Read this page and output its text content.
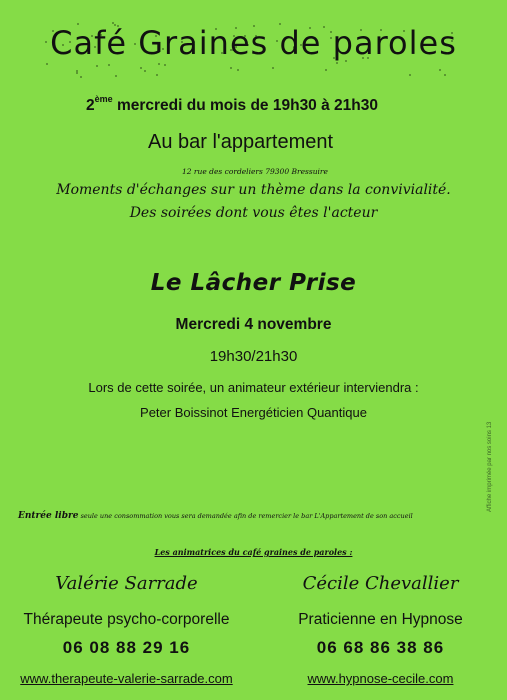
Café Graines de paroles
2ème mercredi du mois de 19h30 à 21h30
Au bar l'appartement
12 rue des cordeliers 79300 Bressuire
Moments d'échanges sur un thème dans la convivialité.
Des soirées dont vous êtes l'acteur
Le Lâcher Prise
Mercredi 4 novembre
19h30/21h30
Lors de cette soirée, un animateur extérieur interviendra :
Peter Boissinot Energéticien Quantique
Affiche imprimée par nos soins 13
Entrée libre seule une consommation vous sera demandée afin de remercier le bar L'Appartement de son accueil
Les animatrices du café graines de paroles :
Valérie Sarrade	Cécile Chevallier
Thérapeute psycho-corporelle	Praticienne en Hypnose
06 08 88 29 16	06 68 86 38 86
www.therapeute-valerie-sarrade.com	www.hypnose-cecile.com
